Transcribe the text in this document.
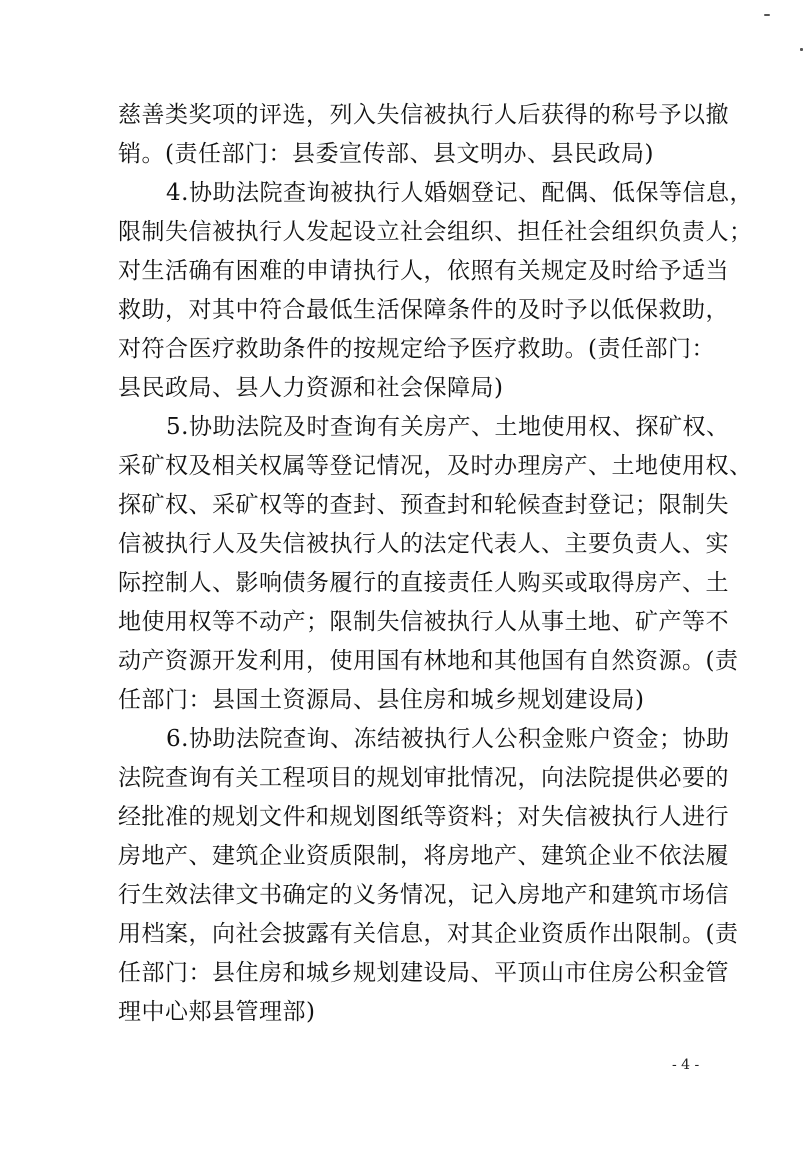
慈善类奖项的评选，列入失信被执行人后获得的称号予以撤
销。(责任部门：县委宣传部、县文明办、县民政局)
4.协助法院查询被执行人婚姻登记、配偶、低保等信息，
限制失信被执行人发起设立社会组织、担任社会组织负责人；
对生活确有困难的申请执行人，依照有关规定及时给予适当
救助，对其中符合最低生活保障条件的及时予以低保救助，
对符合医疗救助条件的按规定给予医疗救助。(责任部门：
县民政局、县人力资源和社会保障局)
5.协助法院及时查询有关房产、土地使用权、探矿权、
采矿权及相关权属等登记情况，及时办理房产、土地使用权、
探矿权、采矿权等的查封、预查封和轮候查封登记；限制失
信被执行人及失信被执行人的法定代表人、主要负责人、实
际控制人、影响债务履行的直接责任人购买或取得房产、土
地使用权等不动产；限制失信被执行人从事土地、矿产等不
动产资源开发利用，使用国有林地和其他国有自然资源。(责
任部门：县国土资源局、县住房和城乡规划建设局)
6.协助法院查询、冻结被执行人公积金账户资金；协助
法院查询有关工程项目的规划审批情况，向法院提供必要的
经批准的规划文件和规划图纸等资料；对失信被执行人进行
房地产、建筑企业资质限制，将房地产、建筑企业不依法履
行生效法律文书确定的义务情况，记入房地产和建筑市场信
用档案，向社会披露有关信息，对其企业资质作出限制。(责
任部门：县住房和城乡规划建设局、平顶山市住房公积金管
理中心郏县管理部)
- 4 -
